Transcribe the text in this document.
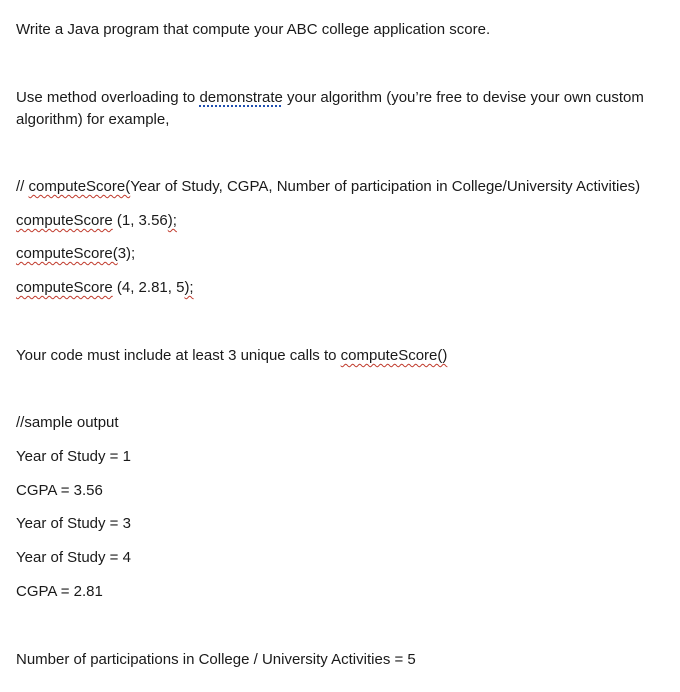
Write a Java program that compute your ABC college application score.
Use method overloading to demonstrate your algorithm (you’re free to devise your own custom algorithm) for example,
// computeScore(Year of Study, CGPA, Number of participation in College/University Activities)
computeScore (1, 3.56);
computeScore(3);
computeScore (4, 2.81, 5);
Your code must include at least 3 unique calls to computeScore()
//sample output
Year of Study = 1
CGPA = 3.56
Year of Study = 3
Year of Study = 4
CGPA = 2.81
Number of participations in College / University Activities = 5
